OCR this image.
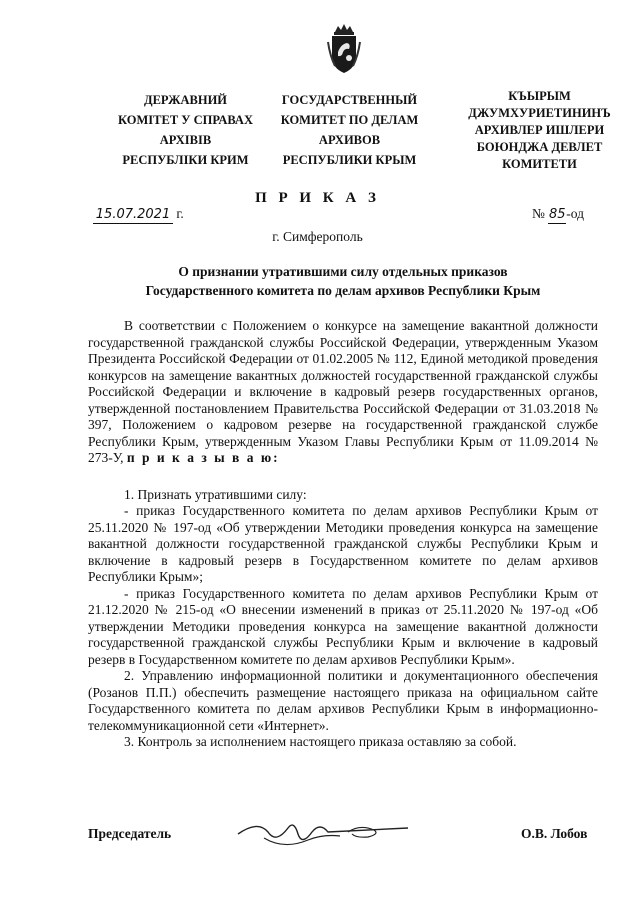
ДЕРЖАВНИЙ
КОМІТЕТ У СПРАВАХ
АРХІВІВ
РЕСПУБЛІКИ КРИМ
ГОСУДАРСТВЕННЫЙ
КОМИТЕТ ПО ДЕЛАМ
АРХИВОВ
РЕСПУБЛИКИ КРЫМ
КЪЫРЫМ
ДЖУМХУРИЕТИНИНЪ
АРХИВЛЕР ИШЛЕРИ
БОЮНДЖА ДЕВЛЕТ
КОМИТЕТИ
П Р И К А З
15.07.2021 г.	№ 85-од
г. Симферополь
О признании утратившими силу отдельных приказов
Государственного комитета по делам архивов Республики Крым

В соответствии с Положением о конкурсе на замещение вакантной должности государственной гражданской службы Российской Федерации, утвержденным Указом Президента Российской Федерации от 01.02.2005 № 112, Единой методикой проведения конкурсов на замещение вакантных должностей государственной гражданской службы Российской Федерации и включение в кадровый резерв государственных органов, утвержденной постановлением Правительства Российской Федерации от 31.03.2018 № 397, Положением о кадровом резерве на государственной гражданской службе Республики Крым, утвержденным Указом Главы Республики Крым от 11.09.2014 № 273-У, п р и к а з ы в а ю:

1. Признать утратившими силу:

- приказ Государственного комитета по делам архивов Республики Крым от 25.11.2020 № 197-од «Об утверждении Методики проведения конкурса на замещение вакантной должности государственной гражданской службы Республики Крым и включение в кадровый резерв в Государственном комитете по делам архивов Республики Крым»;

- приказ Государственного комитета по делам архивов Республики Крым от 21.12.2020 № 215-од «О внесении изменений в приказ от 25.11.2020 № 197-од «Об утверждении Методики проведения конкурса на замещение вакантной должности государственной гражданской службы Республики Крым и включение в кадровый резерв в Государственном комитете по делам архивов Республики Крым».

2. Управлению информационной политики и документационного обеспечения (Розанов П.П.) обеспечить размещение настоящего приказа на официальном сайте Государственного комитета по делам архивов Республики Крым в информационно-телекоммуникационной сети «Интернет».

3. Контроль за исполнением настоящего приказа оставляю за собой.

Председатель	О.В. Лобов
